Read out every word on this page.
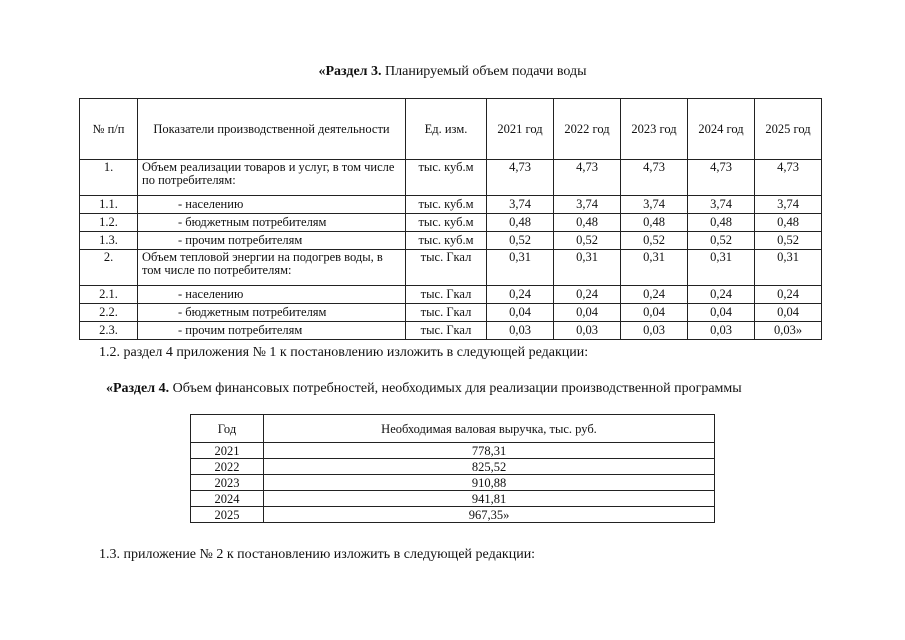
«Раздел 3. Планируемый объем подачи воды
№ п/п	Показатели производственной деятельности	Ед. изм.	2021 год	2022 год	2023 год	2024 год	2025 год
1.	Объем реализации товаров и услуг, в том числе по потребителям:	тыс. куб.м	4,73	4,73	4,73	4,73	4,73
1.1.	- населению	тыс. куб.м	3,74	3,74	3,74	3,74	3,74
1.2.	- бюджетным потребителям	тыс. куб.м	0,48	0,48	0,48	0,48	0,48
1.3.	- прочим потребителям	тыс. куб.м	0,52	0,52	0,52	0,52	0,52
2.	Объем тепловой энергии на подогрев воды, в том числе по потребителям:	тыс. Гкал	0,31	0,31	0,31	0,31	0,31
2.1.	- населению	тыс. Гкал	0,24	0,24	0,24	0,24	0,24
2.2.	- бюджетным потребителям	тыс. Гкал	0,04	0,04	0,04	0,04	0,04
2.3.	- прочим потребителям	тыс. Гкал	0,03	0,03	0,03	0,03	0,03»
1.2. раздел 4 приложения № 1 к постановлению изложить в следующей редакции:
«Раздел 4. Объем финансовых потребностей, необходимых для реализации производственной программы
Год	Необходимая валовая выручка, тыс. руб.
2021	778,31
2022	825,52
2023	910,88
2024	941,81
2025	967,35»
1.3. приложение № 2 к постановлению изложить в следующей редакции:
